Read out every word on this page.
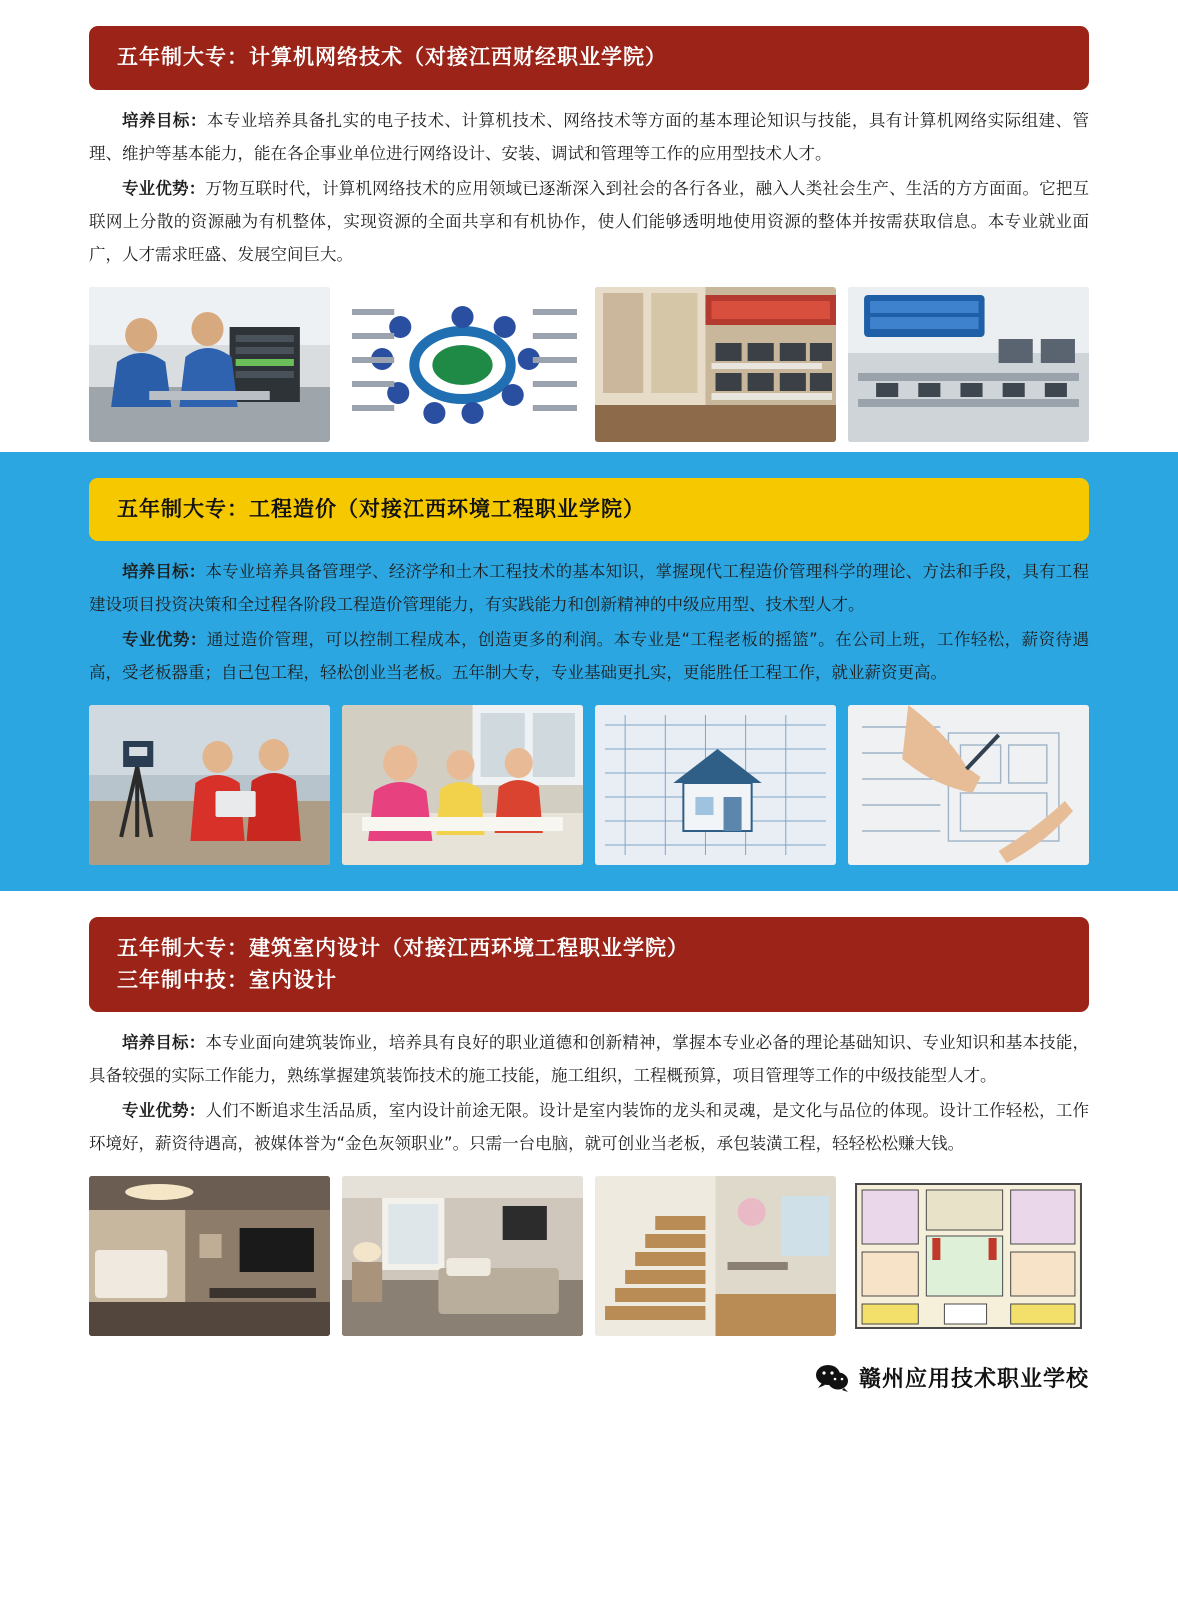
五年制大专：计算机网络技术（对接江西财经职业学院）

培养目标：本专业培养具备扎实的电子技术、计算机技术、网络技术等方面的基本理论知识与技能，具有计算机网络实际组建、管理、维护等基本能力，能在各企事业单位进行网络设计、安装、调试和管理等工作的应用型技术人才。

专业优势：万物互联时代，计算机网络技术的应用领域已逐渐深入到社会的各行各业，融入人类社会生产、生活的方方面面。它把互联网上分散的资源融为有机整体，实现资源的全面共享和有机协作，使人们能够透明地使用资源的整体并按需获取信息。本专业就业面广，人才需求旺盛、发展空间巨大。

五年制大专：工程造价（对接江西环境工程职业学院）

培养目标：本专业培养具备管理学、经济学和土木工程技术的基本知识，掌握现代工程造价管理科学的理论、方法和手段，具有工程建设项目投资决策和全过程各阶段工程造价管理能力，有实践能力和创新精神的中级应用型、技术型人才。

专业优势：通过造价管理，可以控制工程成本，创造更多的利润。本专业是“工程老板的摇篮”。在公司上班，工作轻松，薪资待遇高，受老板器重；自己包工程，轻松创业当老板。五年制大专，专业基础更扎实，更能胜任工程工作，就业薪资更高。

五年制大专：建筑室内设计（对接江西环境工程职业学院）
三年制中技：室内设计

培养目标：本专业面向建筑装饰业，培养具有良好的职业道德和创新精神，掌握本专业必备的理论基础知识、专业知识和基本技能，具备较强的实际工作能力，熟练掌握建筑装饰技术的施工技能，施工组织，工程概预算，项目管理等工作的中级技能型人才。

专业优势：人们不断追求生活品质，室内设计前途无限。设计是室内装饰的龙头和灵魂，是文化与品位的体现。设计工作轻松，工作环境好，薪资待遇高，被媒体誉为“金色灰领职业”。只需一台电脑，就可创业当老板，承包装潢工程，轻轻松松赚大钱。

赣州应用技术职业学校
